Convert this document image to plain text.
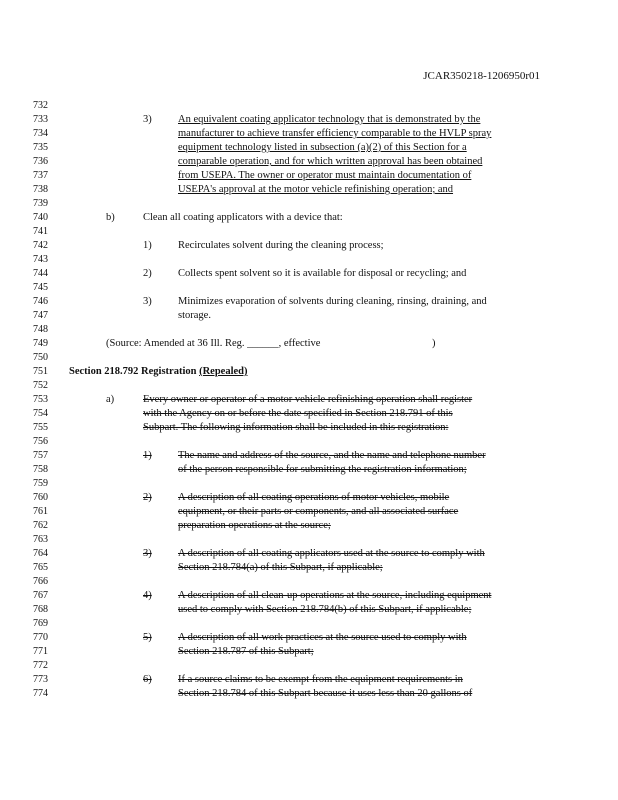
JCAR350218-1206950r01
732
733
734
735
736
737
738
739
740
741
742
743
744
745
746
747
748
749
750
751
752
753
754
755
756
757
758
759
760
761
762
763
764
765
766
767
768
769
770
771
772
773
774
3)	An equivalent coating applicator technology that is demonstrated by the
manufacturer to achieve transfer efficiency comparable to the HVLP spray
equipment technology listed in subsection (a)(2) of this Section for a
comparable operation, and for which written approval has been obtained
from USEPA. The owner or operator must maintain documentation of
USEPA's approval at the motor vehicle refinishing operation; and
b)	Clean all coating applicators with a device that:
1)	Recirculates solvent during the cleaning process;
2)	Collects spent solvent so it is available for disposal or recycling; and
3)	Minimizes evaporation of solvents during cleaning, rinsing, draining, and
storage.
(Source: Amended at 36 Ill. Reg. ______, effective	)
Section 218.792 Registration (Repealed)
a)	Every owner or operator of a motor vehicle refinishing operation shall register
with the Agency on or before the date specified in Section 218.791 of this
Subpart. The following information shall be included in this registration:
1)	The name and address of the source, and the name and telephone number
of the person responsible for submitting the registration information;
2)	A description of all coating operations of motor vehicles, mobile
equipment, or their parts or components, and all associated surface
preparation operations at the source;
3)	A description of all coating applicators used at the source to comply with
Section 218.784(a) of this Subpart, if applicable;
4)	A description of all clean-up operations at the source, including equipment
used to comply with Section 218.784(b) of this Subpart, if applicable;
5)	A description of all work practices at the source used to comply with
Section 218.787 of this Subpart;
6)	If a source claims to be exempt from the equipment requirements in
Section 218.784 of this Subpart because it uses less than 20 gallons of
